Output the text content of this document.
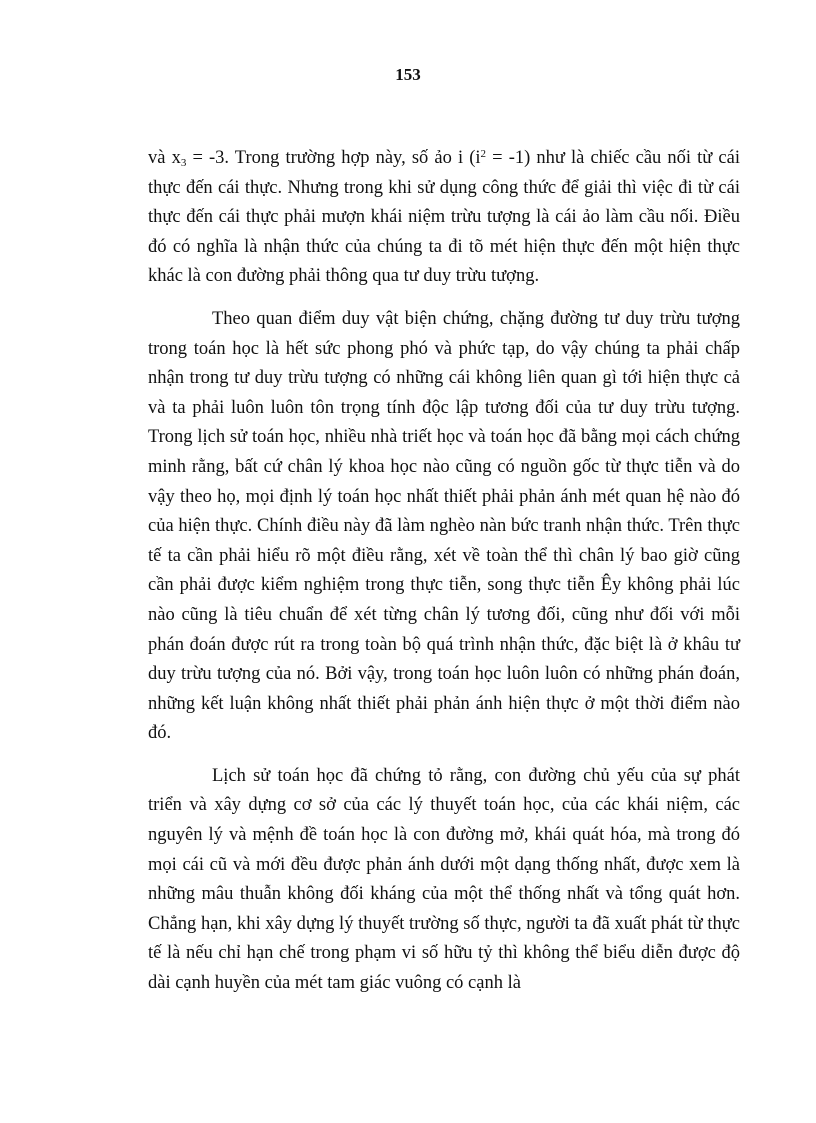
153

và $x_3 = -3$. Trong trường hợp này, số ảo i $(i^2 = -1)$ như là chiếc cầu nối từ cái thực đến cái thực. Nhưng trong khi sử dụng công thức để giải thì việc đi từ cái thực đến cái thực phải mượn khái niệm trừu tượng là cái ảo làm cầu nối. Điều đó có nghĩa là nhận thức của chúng ta đi tõ mét hiện thực đến một hiện thực khác là con đường phải thông qua tư duy trừu tượng.

Theo quan điểm duy vật biện chứng, chặng đường tư duy trừu tượng trong toán học là hết sức phong phó và phức tạp, do vậy chúng ta phải chấp nhận trong tư duy trừu tượng có những cái không liên quan gì tới hiện thực cả và ta phải luôn luôn tôn trọng tính độc lập tương đối của tư duy trừu tượng. Trong lịch sử toán học, nhiều nhà triết học và toán học đã bằng mọi cách chứng minh rằng, bất cứ chân lý khoa học nào cũng có nguồn gốc từ thực tiễn và do vậy theo họ, mọi định lý toán học nhất thiết phải phản ánh mét quan hệ nào đó của hiện thực. Chính điều này đã làm nghèo nàn bức tranh nhận thức. Trên thực tế ta cần phải hiểu rõ một điều rằng, xét về toàn thể thì chân lý bao giờ cũng cần phải được kiểm nghiệm trong thực tiễn, song thực tiễn Êy không phải lúc nào cũng là tiêu chuẩn để xét từng chân lý tương đối, cũng như đối với mỗi phán đoán được rút ra trong toàn bộ quá trình nhận thức, đặc biệt là ở khâu tư duy trừu tượng của nó. Bởi vậy, trong toán học luôn luôn có những phán đoán, những kết luận không nhất thiết phải phản ánh hiện thực ở một thời điểm nào đó.

Lịch sử toán học đã chứng tỏ rằng, con đường chủ yếu của sự phát triển và xây dựng cơ sở của các lý thuyết toán học, của các khái niệm, các nguyên lý và mệnh đề toán học là con đường mở, khái quát hóa, mà trong đó mọi cái cũ và mới đều được phản ánh dưới một dạng thống nhất, được xem là những mâu thuẫn không đối kháng của một thể thống nhất và tổng quát hơn. Chẳng hạn, khi xây dựng lý thuyết trường số thực, người ta đã xuất phát từ thực tế là nếu chỉ hạn chế trong phạm vi số hữu tỷ thì không thể biểu diễn được độ dài cạnh huyền của mét tam giác vuông có cạnh là
